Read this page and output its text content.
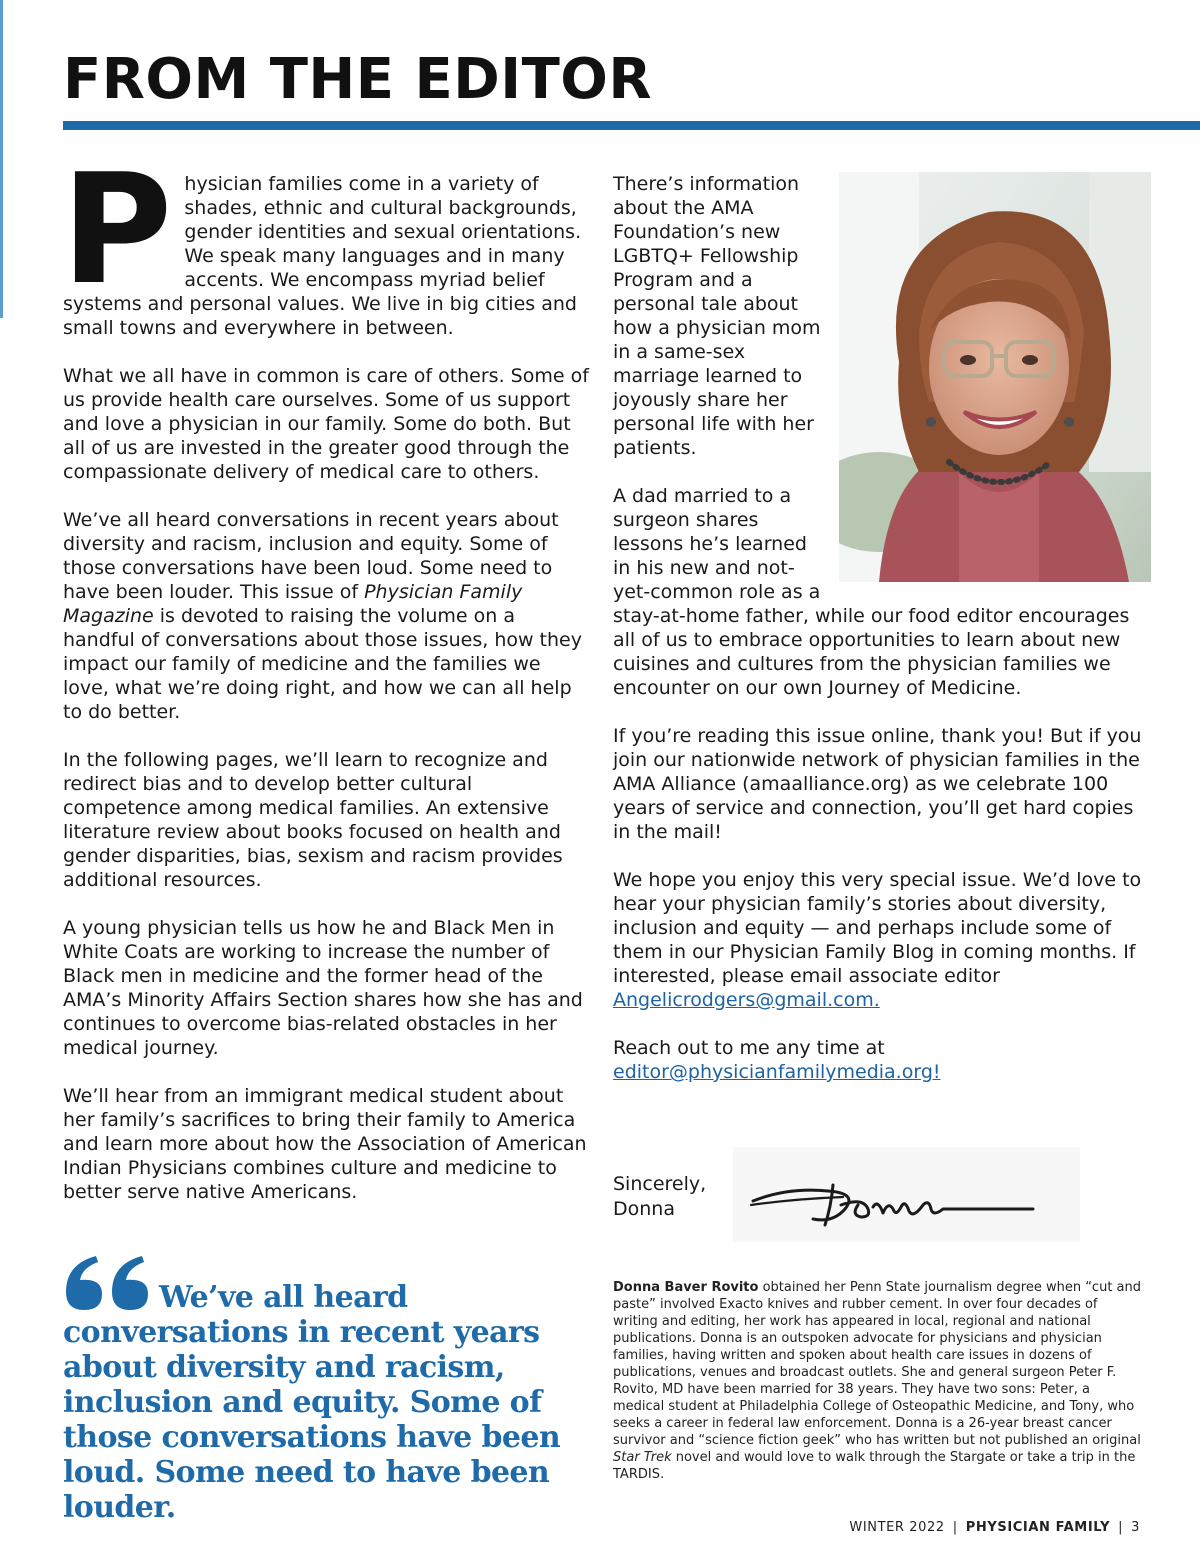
FROM THE EDITOR

Physician families come in a variety of shades, ethnic and cultural backgrounds, gender identities and sexual orientations. We speak many languages and in many accents. We encompass myriad belief systems and personal values. We live in big cities and small towns and everywhere in between.

What we all have in common is care of others. Some of us provide health care ourselves. Some of us support and love a physician in our family. Some do both. But all of us are invested in the greater good through the compassionate delivery of medical care to others.

We’ve all heard conversations in recent years about diversity and racism, inclusion and equity. Some of those conversations have been loud. Some need to have been louder. This issue of Physician Family Magazine is devoted to raising the volume on a handful of conversations about those issues, how they impact our family of medicine and the families we love, what we’re doing right, and how we can all help to do better.

In the following pages, we’ll learn to recognize and redirect bias and to develop better cultural competence among medical families. An extensive literature review about books focused on health and gender disparities, bias, sexism and racism provides additional resources.

A young physician tells us how he and Black Men in White Coats are working to increase the number of Black men in medicine and the former head of the AMA’s Minority Affairs Section shares how she has and continues to overcome bias-related obstacles in her medical journey.

We’ll hear from an immigrant medical student about her family’s sacrifices to bring their family to America and learn more about how the Association of American Indian Physicians combines culture and medicine to better serve native Americans.

There’s information about the AMA Foundation’s new LGBTQ+ Fellowship Program and a personal tale about how a physician mom in a same-sex marriage learned to joyously share her personal life with her patients.

A dad married to a surgeon shares lessons he’s learned in his new and not-yet-common role as a stay-at-home father, while our food editor encourages all of us to embrace opportunities to learn about new cuisines and cultures from the physician families we encounter on our own Journey of Medicine.

If you’re reading this issue online, thank you! But if you join our nationwide network of physician families in the AMA Alliance (amaalliance.org) as we celebrate 100 years of service and connection, you’ll get hard copies in the mail!

We hope you enjoy this very special issue. We’d love to hear your physician family’s stories about diversity, inclusion and equity — and perhaps include some of them in our Physician Family Blog in coming months. If interested, please email associate editor Angelicrodgers@gmail.com.

Reach out to me any time at
editor@physicianfamilymedia.org!

Sincerely,
Donna
We’ve all heard conversations in recent years about diversity and racism, inclusion and equity. Some of those conversations have been loud. Some need to have been louder.
Donna Baver Rovito obtained her Penn State journalism degree when “cut and paste” involved Exacto knives and rubber cement. In over four decades of writing and editing, her work has appeared in local, regional and national publications. Donna is an outspoken advocate for physicians and physician families, having written and spoken about health care issues in dozens of publications, venues and broadcast outlets. She and general surgeon Peter F. Rovito, MD have been married for 38 years. They have two sons: Peter, a medical student at Philadelphia College of Osteopathic Medicine, and Tony, who seeks a career in federal law enforcement. Donna is a 26-year breast cancer survivor and “science fiction geek” who has written but not published an original Star Trek novel and would love to walk through the Stargate or take a trip in the TARDIS.
WINTER 2022 | PHYSICIAN FAMILY | 3
